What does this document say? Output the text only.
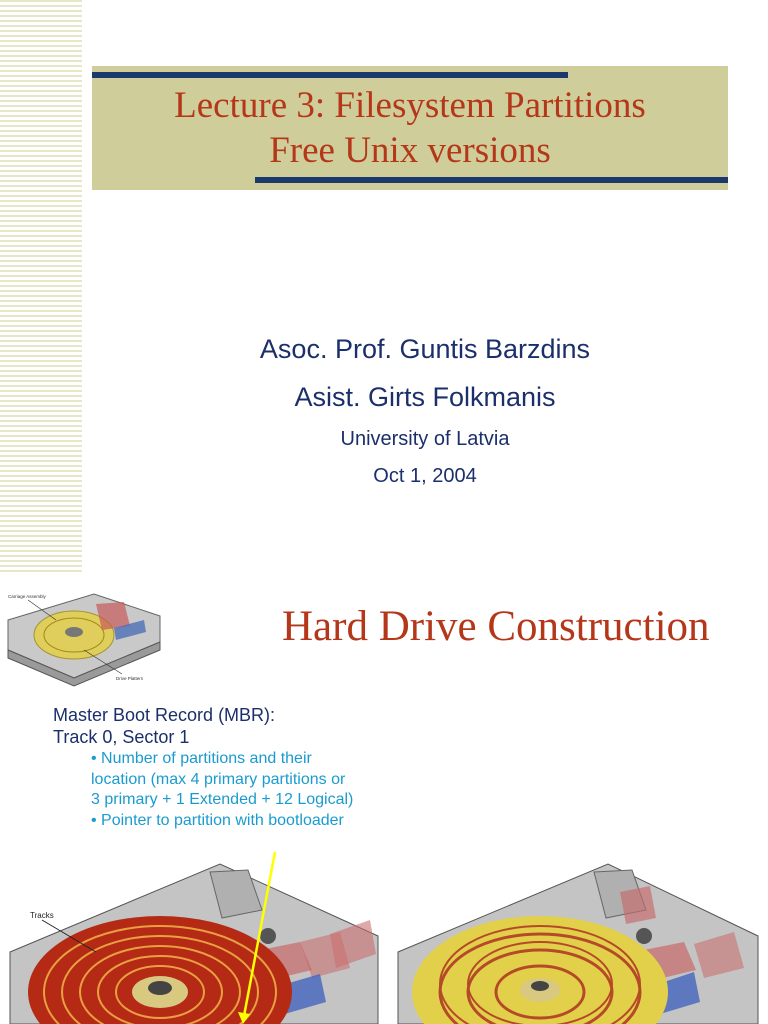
Lecture 3: Filesystem Partitions
Free Unix versions
Asoc. Prof. Guntis Barzdins
Asist. Girts Folkmanis
University of Latvia
Oct 1, 2004
Carriage Assembly
Drive Platters
Hard Drive Construction
Master Boot Record (MBR):
Track 0, Sector 1
• Number of partitions and their
location (max 4 primary partitions or
3 primary + 1 Extended + 12 Logical)
• Pointer to partition with bootloader
Tracks
